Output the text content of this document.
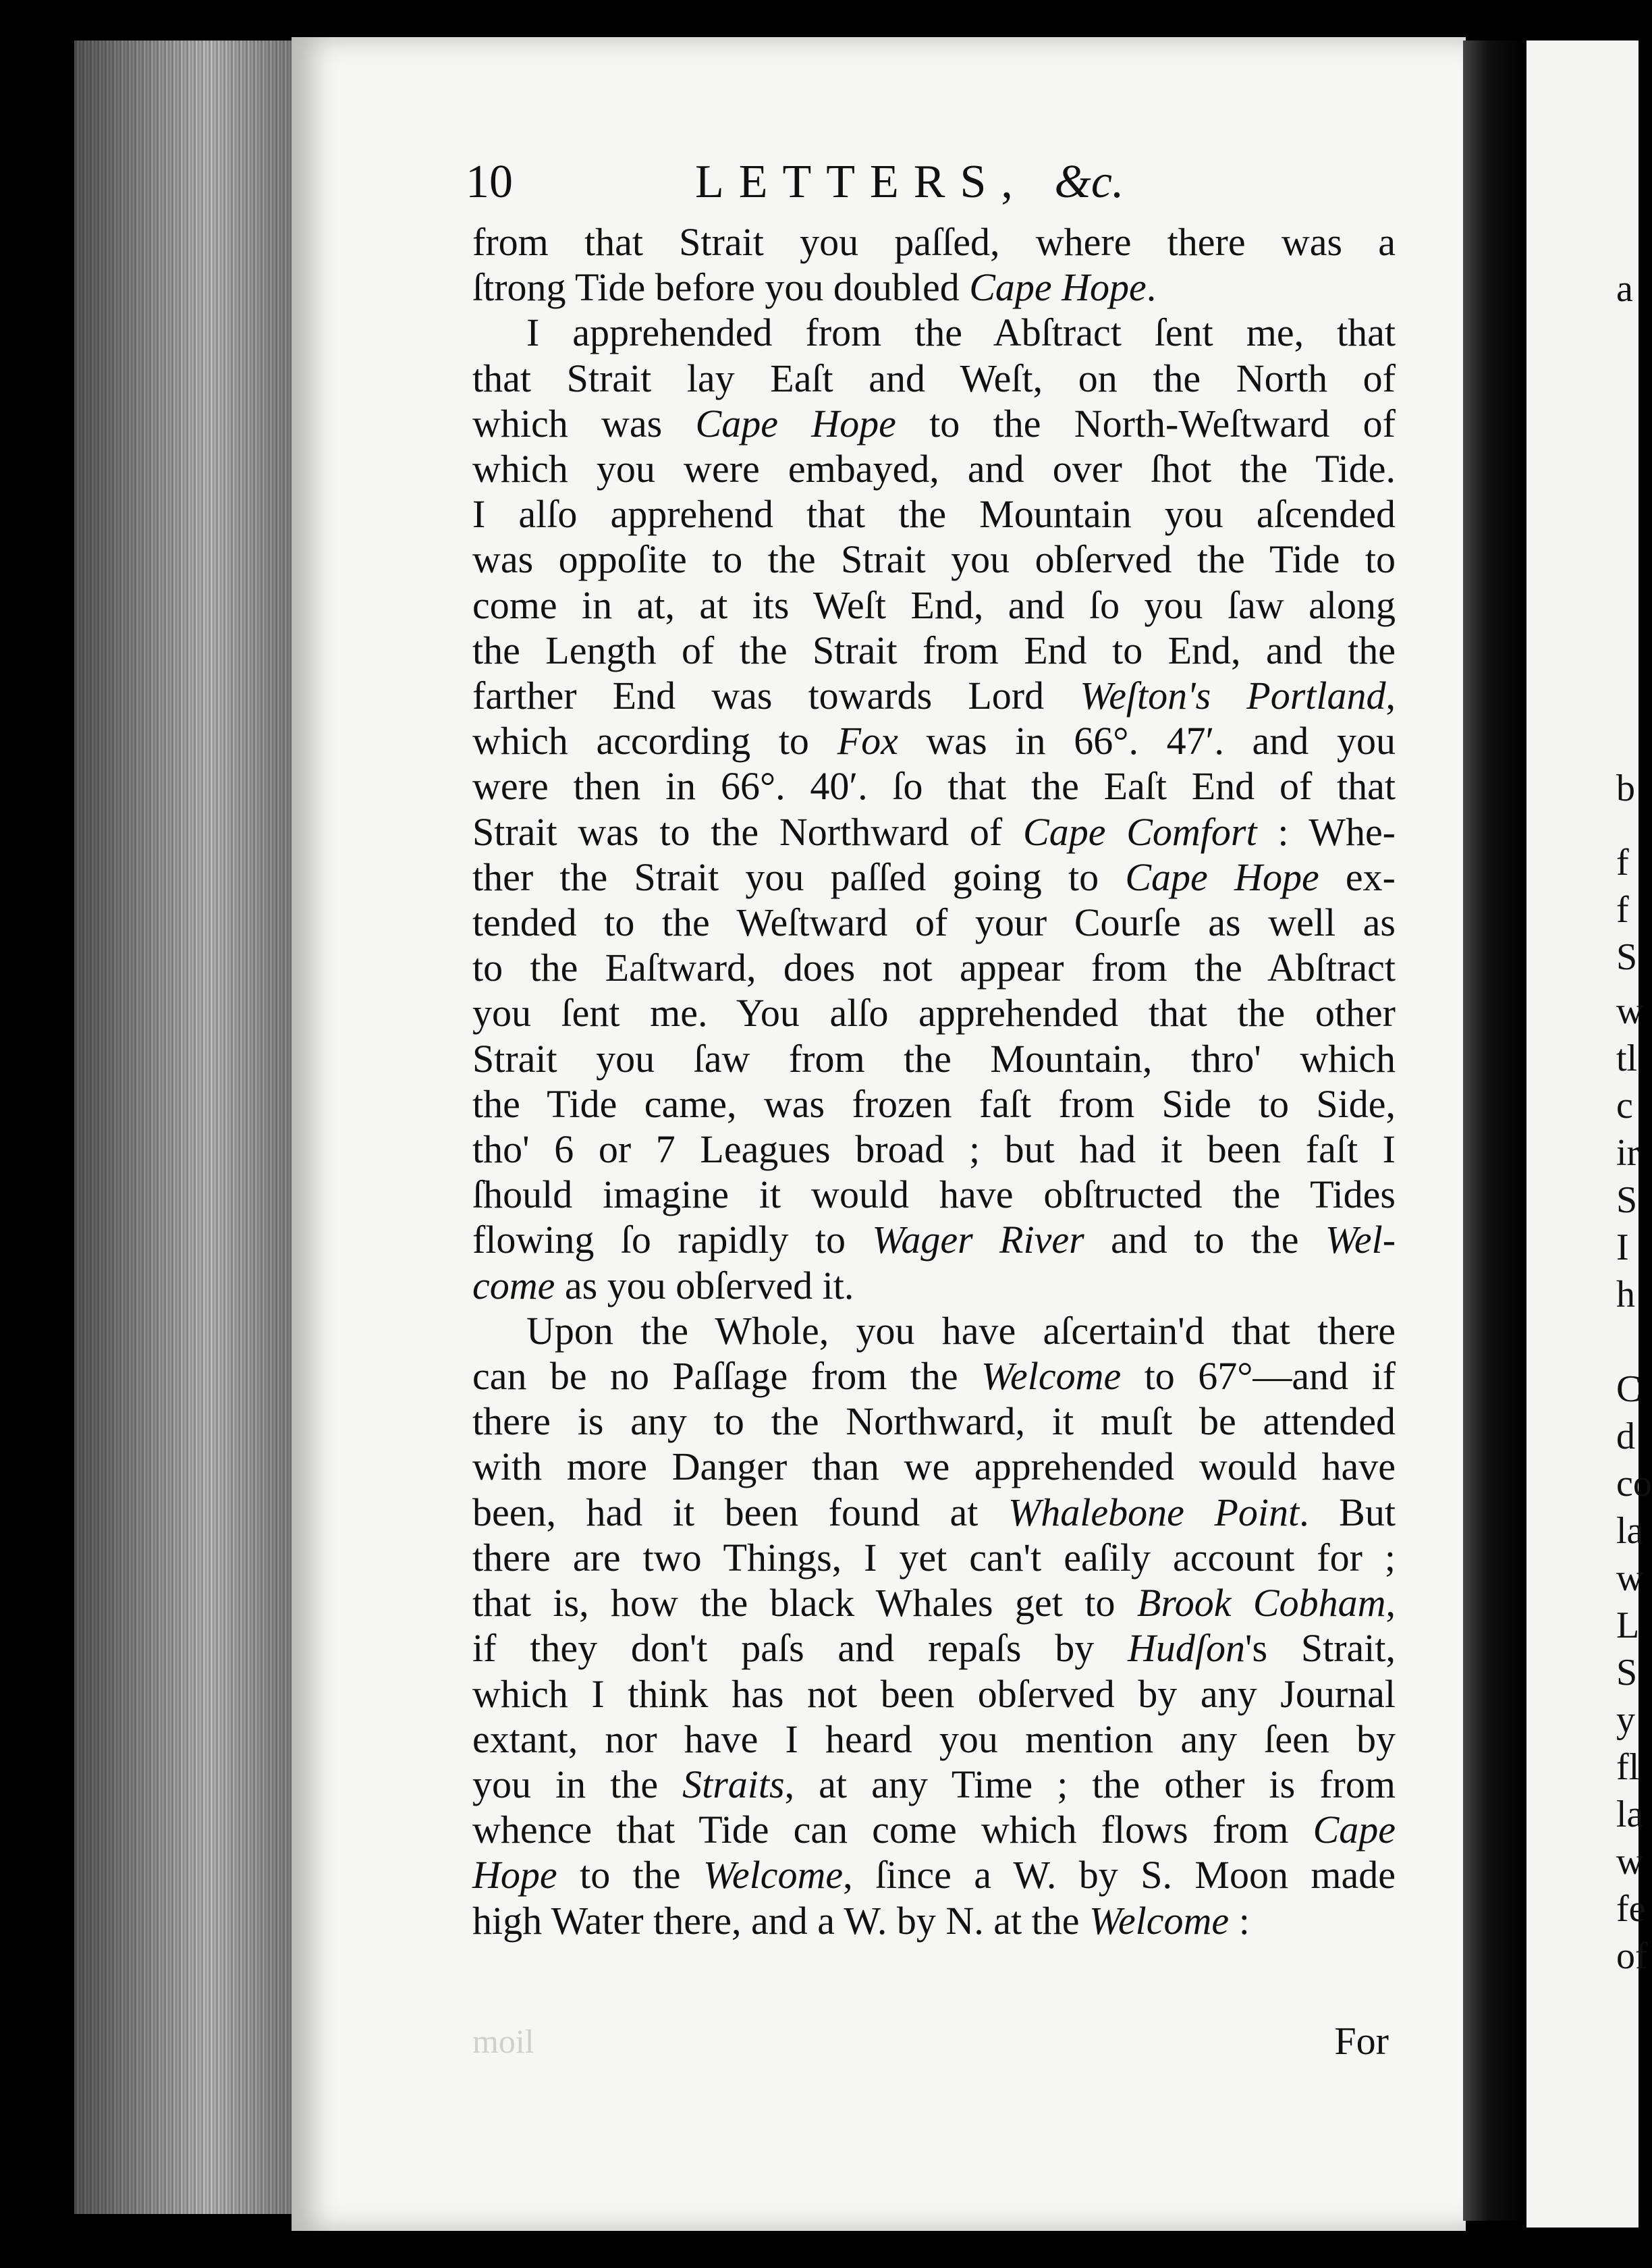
10	LETTERS, &c.
from that Strait you paſſed, where there was a
ſtrong Tide before you doubled Cape Hope.
I apprehended from the Abſtract ſent me, that
that Strait lay Eaſt and Weſt, on the North of
which was Cape Hope to the North-Weſtward of
which you were embayed, and over ſhot the Tide.
I alſo apprehend that the Mountain you aſcended
was oppoſite to the Strait you obſerved the Tide to
come in at, at its Weſt End, and ſo you ſaw along
the Length of the Strait from End to End, and the
farther End was towards Lord Weſton's Portland,
which according to Fox was in 66°. 47′. and you
were then in 66°. 40′. ſo that the Eaſt End of that
Strait was to the Northward of Cape Comfort : Whe-
ther the Strait you paſſed going to Cape Hope ex-
tended to the Weſtward of your Courſe as well as
to the Eaſtward, does not appear from the Abſtract
you ſent me. You alſo apprehended that the other
Strait you ſaw from the Mountain, thro' which
the Tide came, was frozen faſt from Side to Side,
tho' 6 or 7 Leagues broad ; but had it been faſt I
ſhould imagine it would have obſtructed the Tides
flowing ſo rapidly to Wager River and to the Wel-
come as you obſerved it.
Upon the Whole, you have aſcertain'd that there
can be no Paſſage from the Welcome to 67°—and if
there is any to the Northward, it muſt be attended
with more Danger than we apprehended would have
been, had it been found at Whalebone Point. But
there are two Things, I yet can't eaſily account for ;
that is, how the black Whales get to Brook Cobham,
if they don't paſs and repaſs by Hudſon's Strait,
which I think has not been obſerved by any Journal
extant, nor have I heard you mention any ſeen by
you in the Straits, at any Time ; the other is from
whence that Tide can come which flows from Cape
Hope to the Welcome, ſince a W. by S. Moon made
high Water there, and a W. by N. at the Welcome :
moil	For
a
b
f
f
S
w
tl
c
ir
S
I
h
C
d
co
la
w
L
S
y
fl
la
w
fe
of
